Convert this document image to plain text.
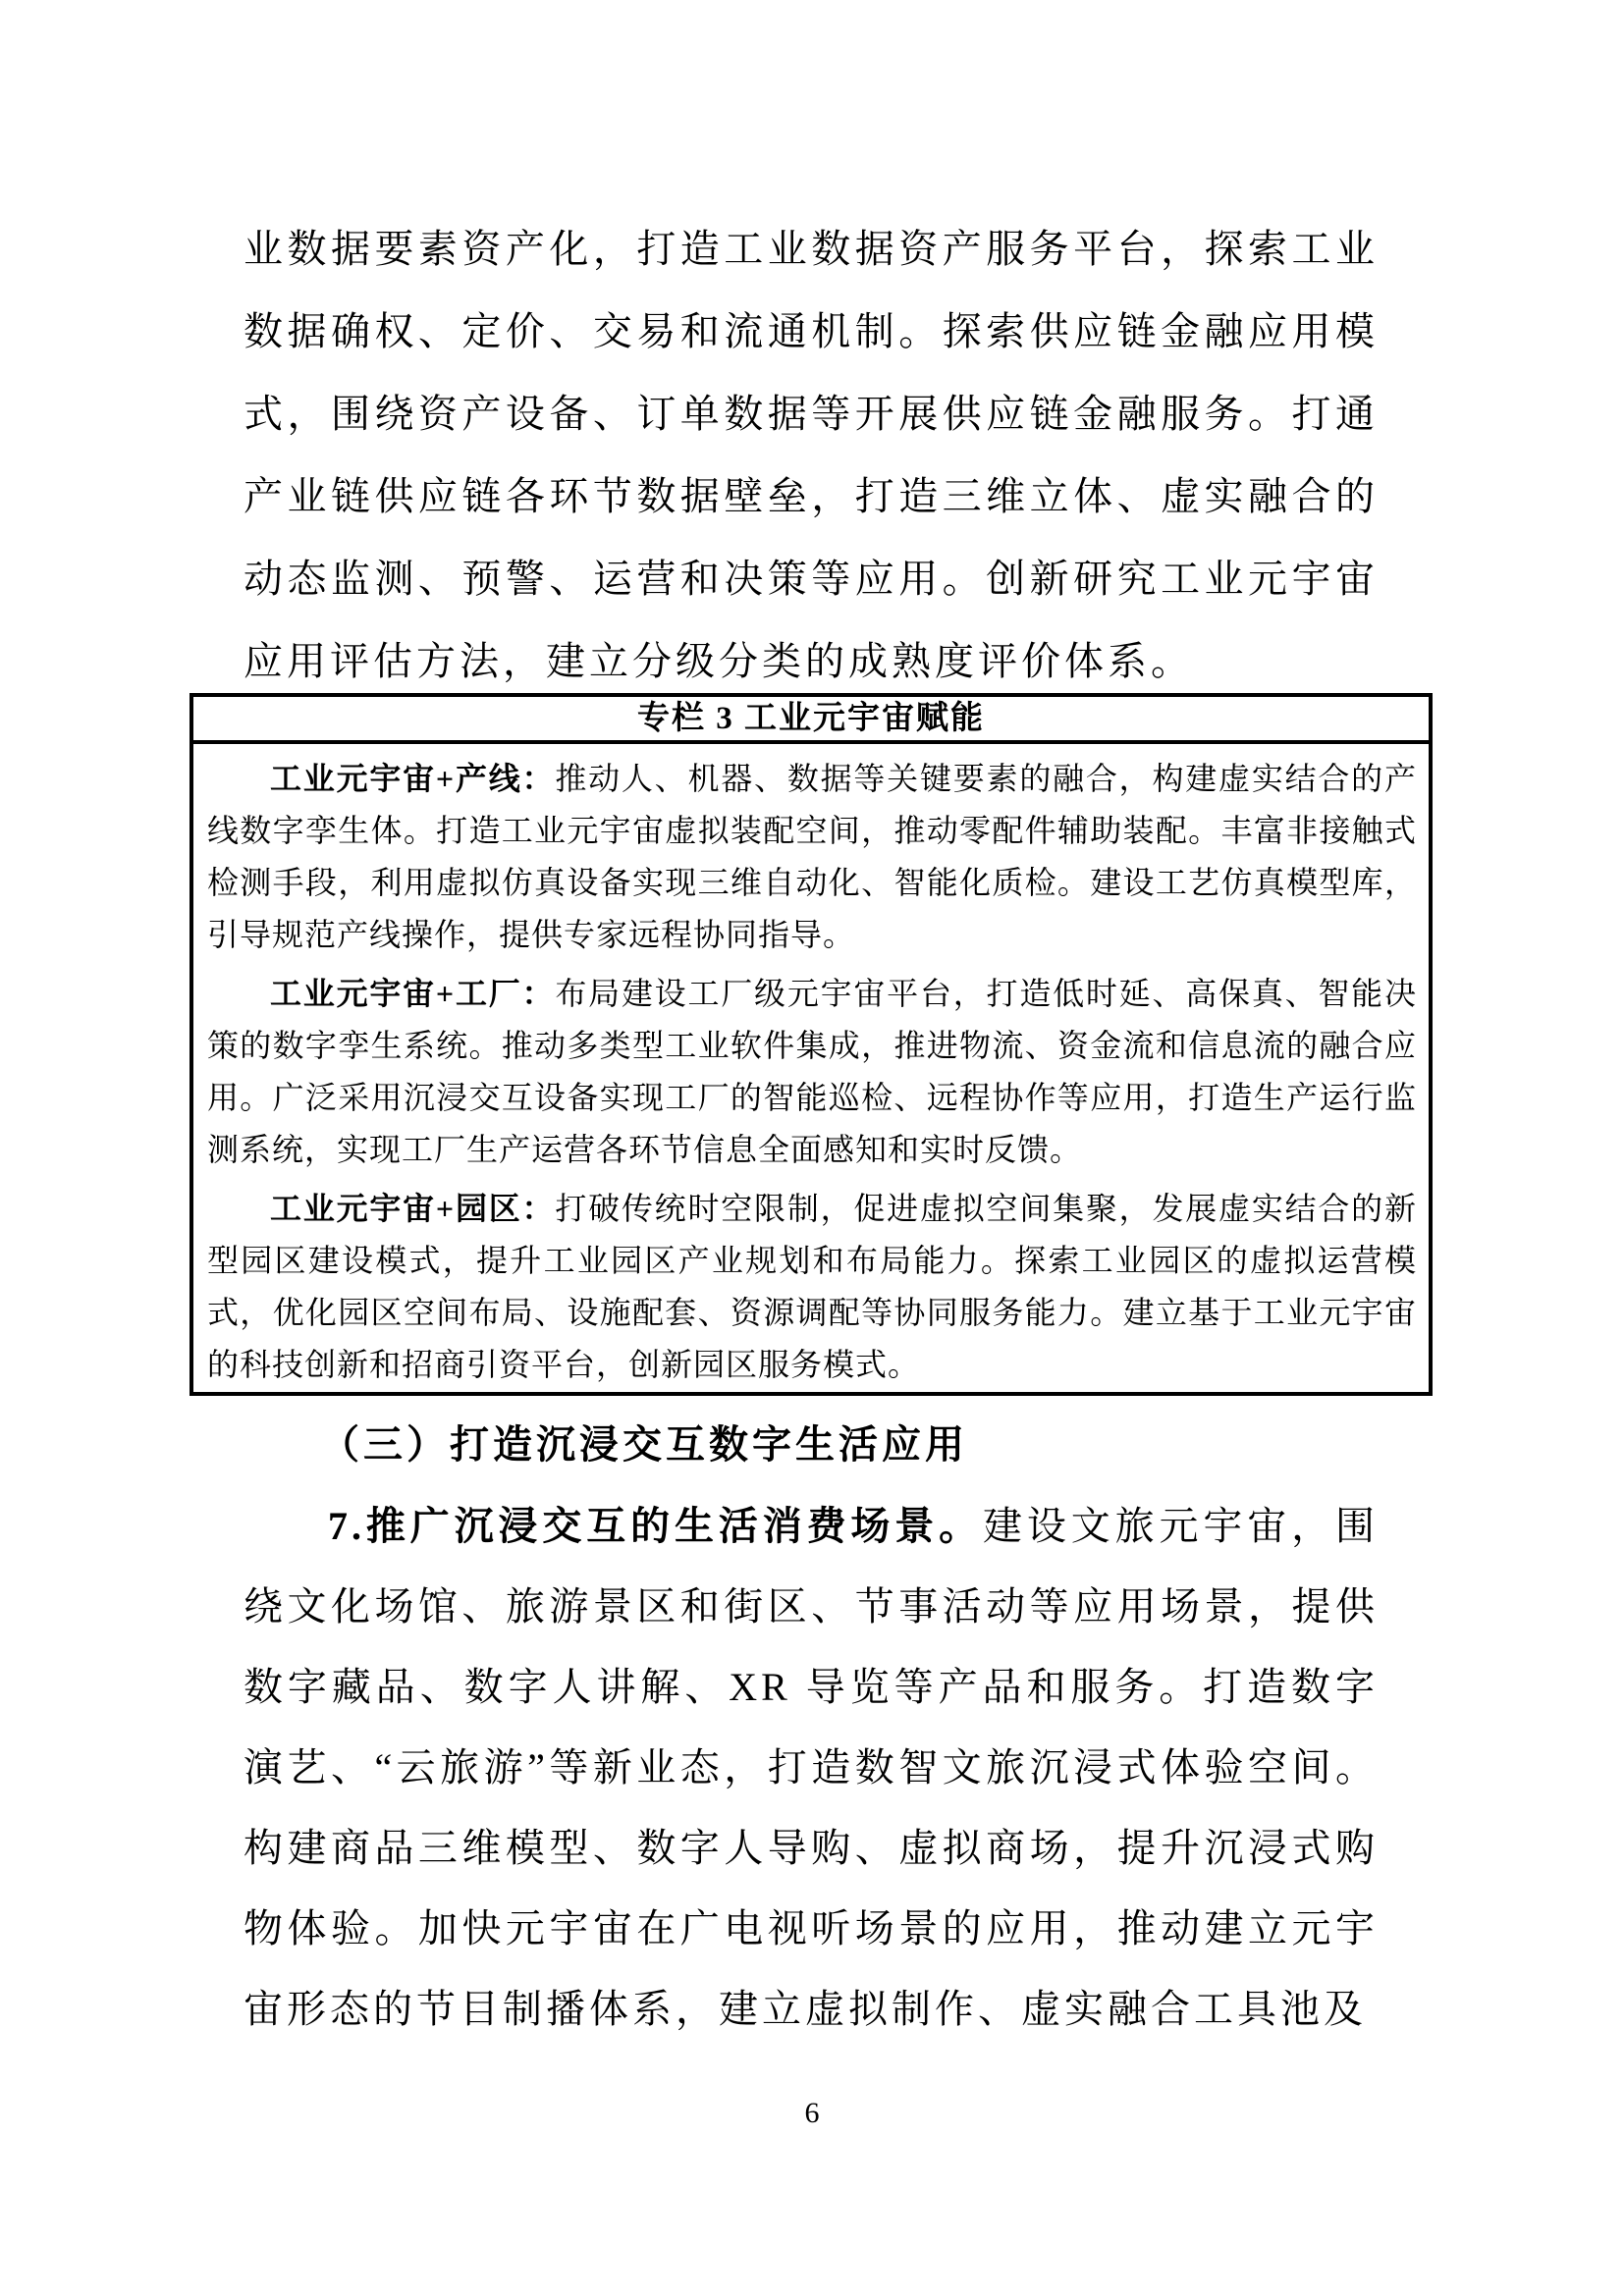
业数据要素资产化，打造工业数据资产服务平台，探索工业数据确权、定价、交易和流通机制。探索供应链金融应用模式，围绕资产设备、订单数据等开展供应链金融服务。打通产业链供应链各环节数据壁垒，打造三维立体、虚实融合的动态监测、预警、运营和决策等应用。创新研究工业元宇宙应用评估方法，建立分级分类的成熟度评价体系。

专栏 3 工业元宇宙赋能

工业元宇宙+产线：推动人、机器、数据等关键要素的融合，构建虚实结合的产线数字孪生体。打造工业元宇宙虚拟装配空间，推动零配件辅助装配。丰富非接触式检测手段，利用虚拟仿真设备实现三维自动化、智能化质检。建设工艺仿真模型库，引导规范产线操作，提供专家远程协同指导。

工业元宇宙+工厂：布局建设工厂级元宇宙平台，打造低时延、高保真、智能决策的数字孪生系统。推动多类型工业软件集成，推进物流、资金流和信息流的融合应用。广泛采用沉浸交互设备实现工厂的智能巡检、远程协作等应用，打造生产运行监测系统，实现工厂生产运营各环节信息全面感知和实时反馈。

工业元宇宙+园区：打破传统时空限制，促进虚拟空间集聚，发展虚实结合的新型园区建设模式，提升工业园区产业规划和布局能力。探索工业园区的虚拟运营模式，优化园区空间布局、设施配套、资源调配等协同服务能力。建立基于工业元宇宙的科技创新和招商引资平台，创新园区服务模式。

（三）打造沉浸交互数字生活应用

7.推广沉浸交互的生活消费场景。建设文旅元宇宙，围绕文化场馆、旅游景区和街区、节事活动等应用场景，提供数字藏品、数字人讲解、XR 导览等产品和服务。打造数字演艺、“云旅游”等新业态，打造数智文旅沉浸式体验空间。构建商品三维模型、数字人导购、虚拟商场，提升沉浸式购物体验。加快元宇宙在广电视听场景的应用，推动建立元宇宙形态的节目制播体系，建立虚拟制作、虚实融合工具池及

6
